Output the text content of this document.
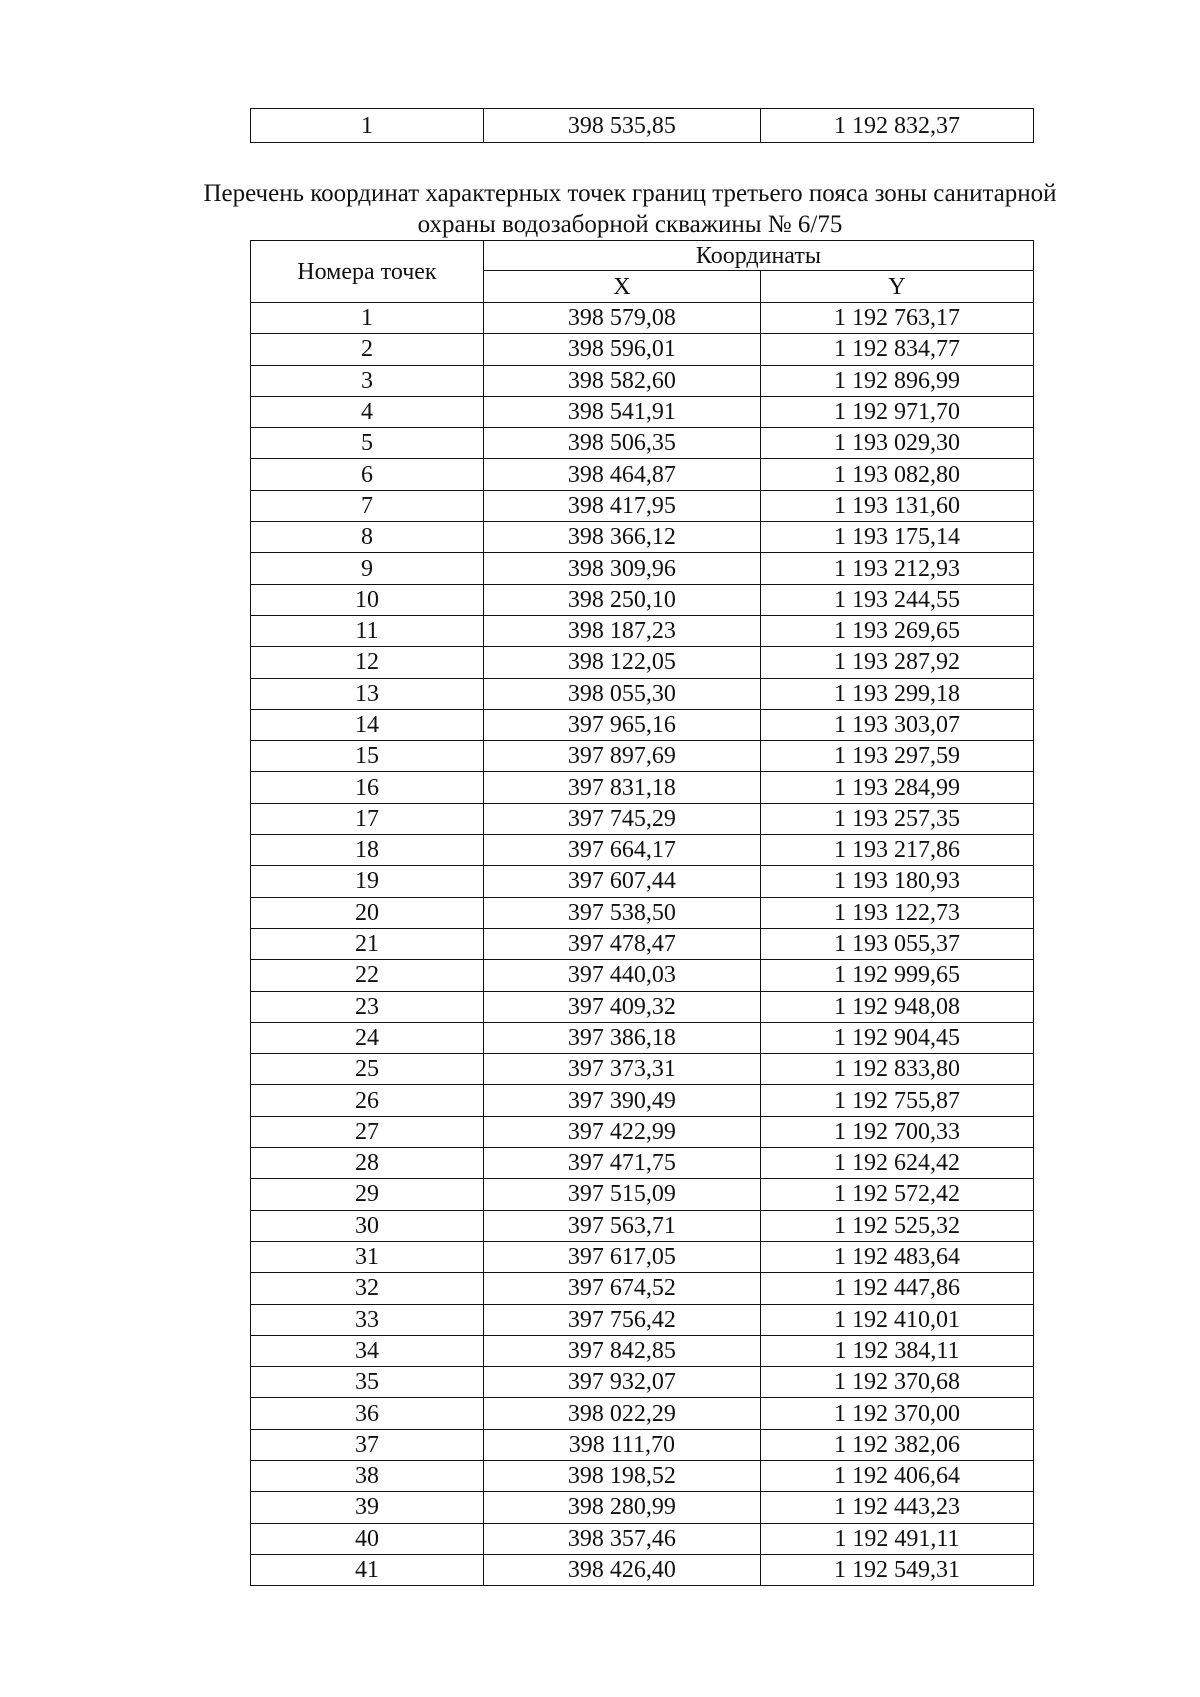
1	398 535,85	1 192 832,37
Перечень координат характерных точек границ третьего пояса зоны санитарной
охраны водозаборной скважины № 6/75
Номера точек	Координаты	
	X	Y
1	398 579,08	1 192 763,17
2	398 596,01	1 192 834,77
3	398 582,60	1 192 896,99
4	398 541,91	1 192 971,70
5	398 506,35	1 193 029,30
6	398 464,87	1 193 082,80
7	398 417,95	1 193 131,60
8	398 366,12	1 193 175,14
9	398 309,96	1 193 212,93
10	398 250,10	1 193 244,55
11	398 187,23	1 193 269,65
12	398 122,05	1 193 287,92
13	398 055,30	1 193 299,18
14	397 965,16	1 193 303,07
15	397 897,69	1 193 297,59
16	397 831,18	1 193 284,99
17	397 745,29	1 193 257,35
18	397 664,17	1 193 217,86
19	397 607,44	1 193 180,93
20	397 538,50	1 193 122,73
21	397 478,47	1 193 055,37
22	397 440,03	1 192 999,65
23	397 409,32	1 192 948,08
24	397 386,18	1 192 904,45
25	397 373,31	1 192 833,80
26	397 390,49	1 192 755,87
27	397 422,99	1 192 700,33
28	397 471,75	1 192 624,42
29	397 515,09	1 192 572,42
30	397 563,71	1 192 525,32
31	397 617,05	1 192 483,64
32	397 674,52	1 192 447,86
33	397 756,42	1 192 410,01
34	397 842,85	1 192 384,11
35	397 932,07	1 192 370,68
36	398 022,29	1 192 370,00
37	398 111,70	1 192 382,06
38	398 198,52	1 192 406,64
39	398 280,99	1 192 443,23
40	398 357,46	1 192 491,11
41	398 426,40	1 192 549,31
